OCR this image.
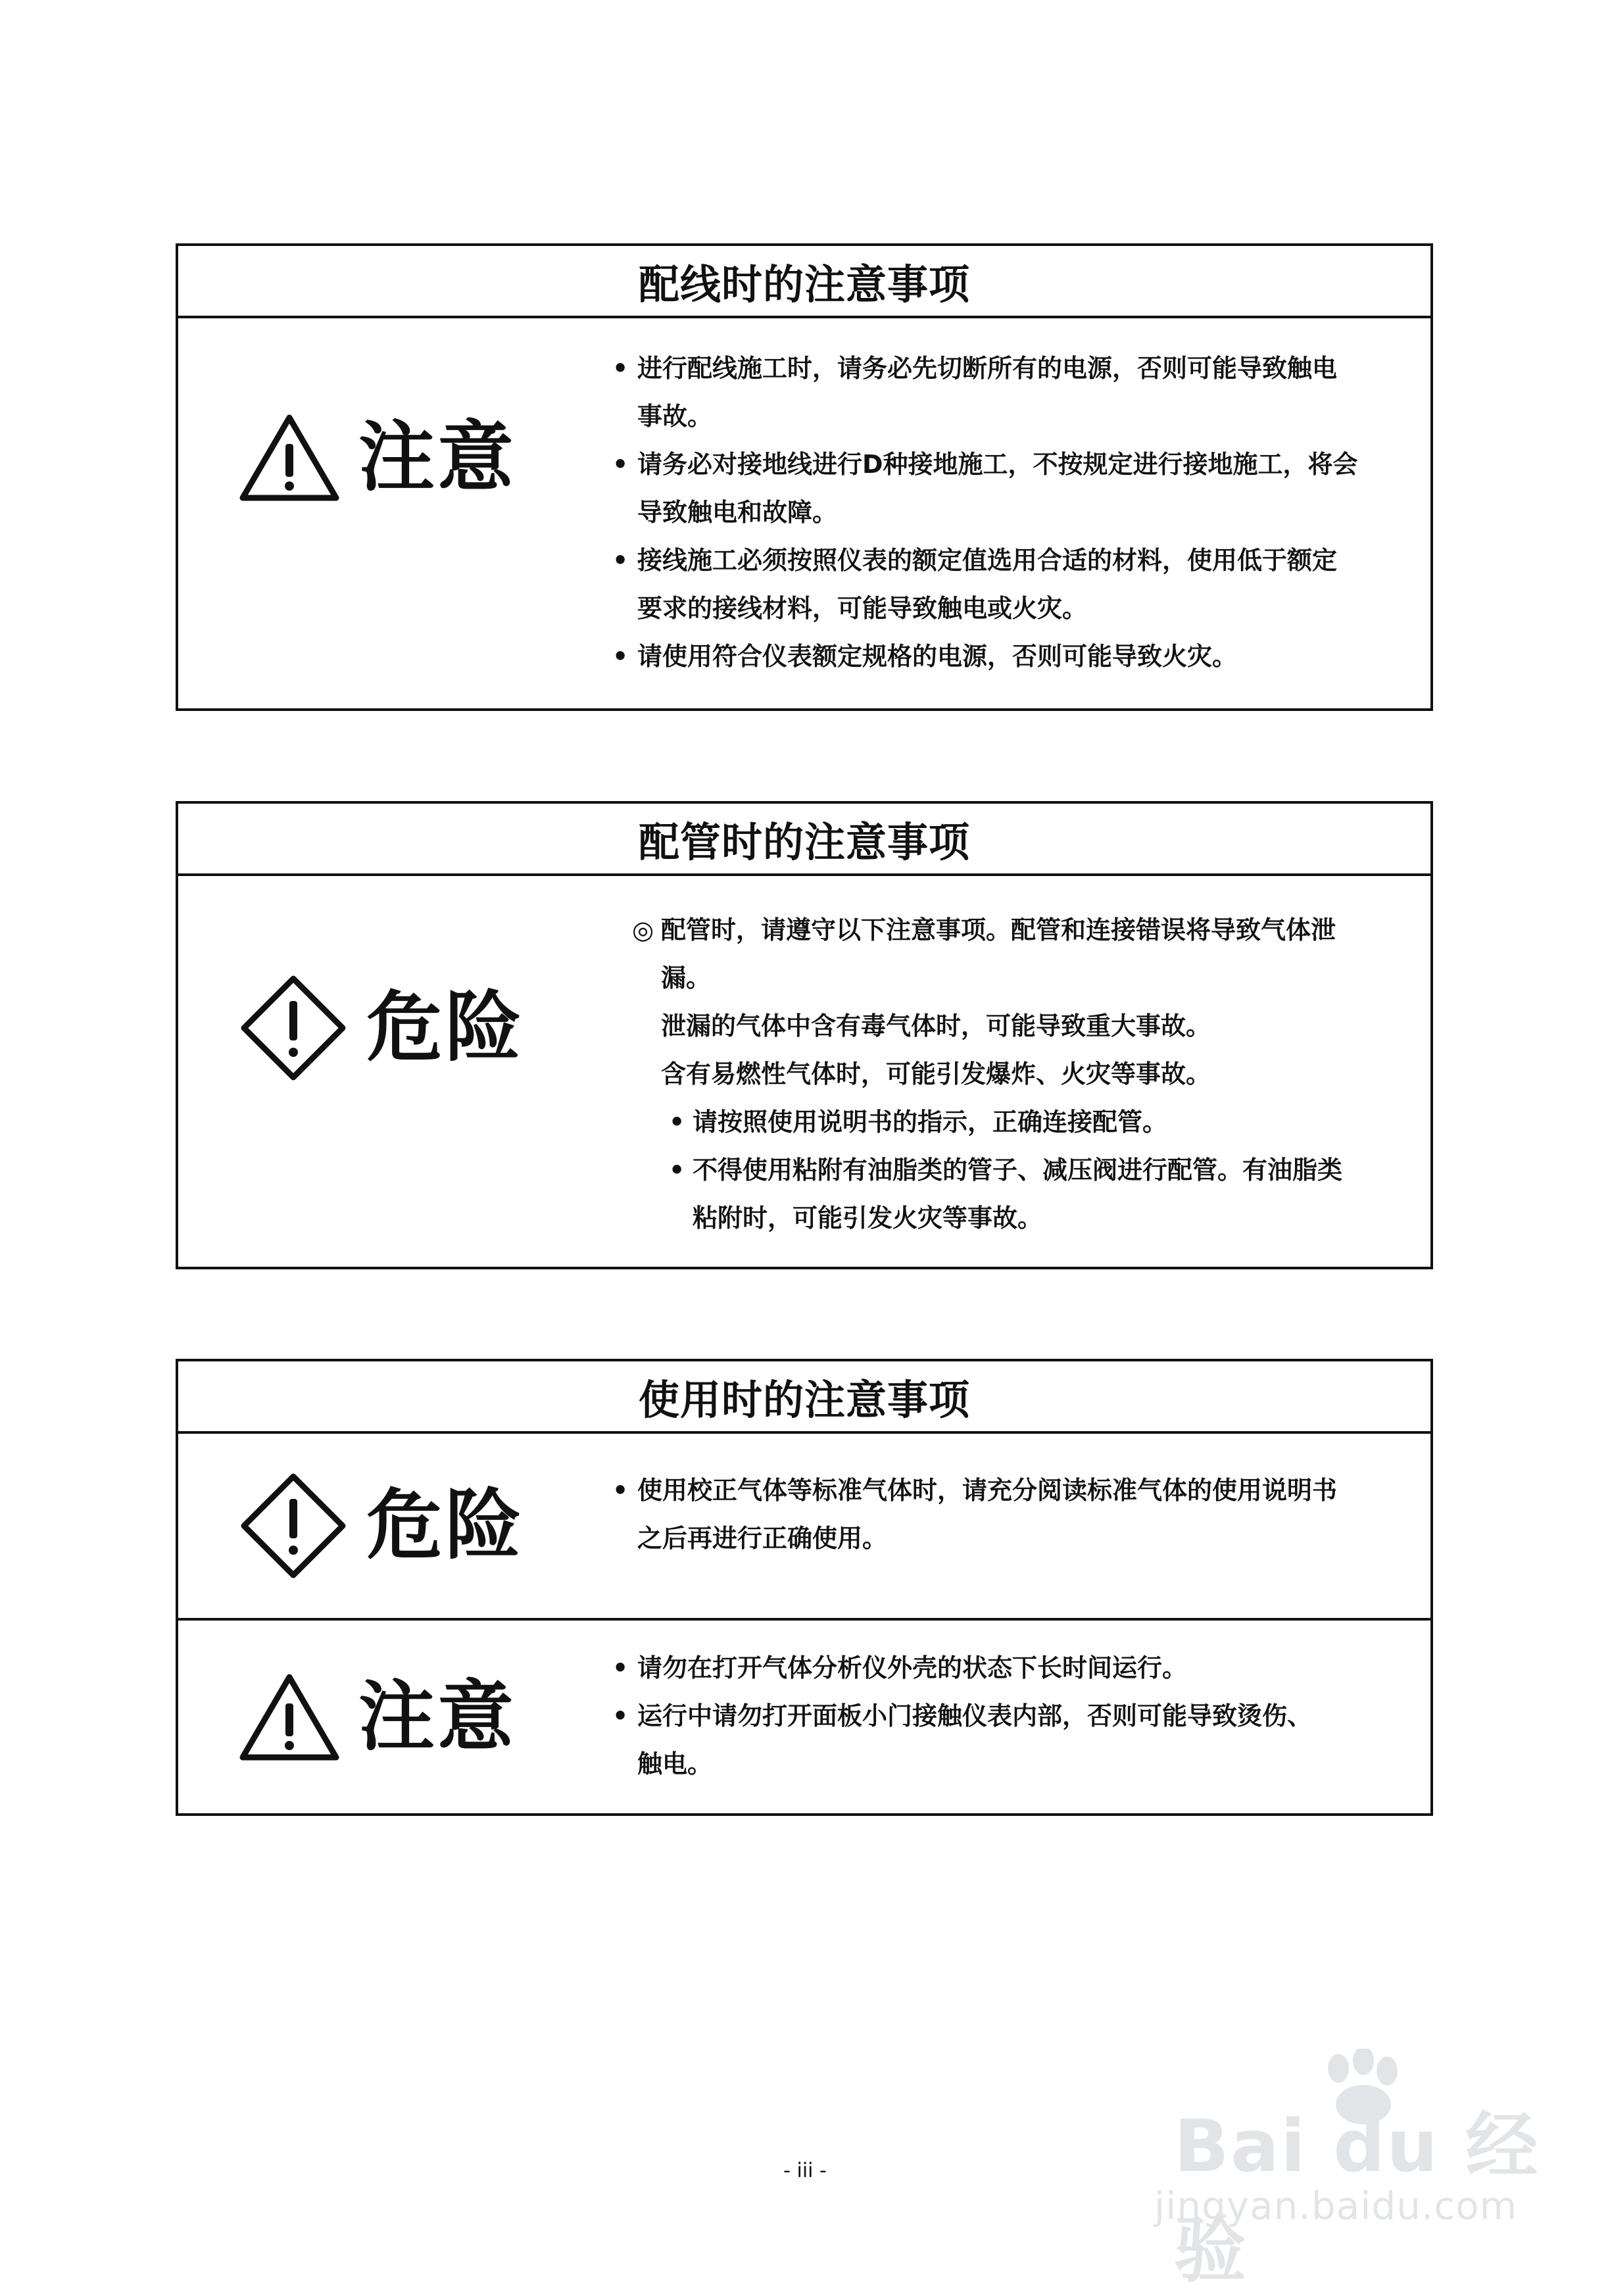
配线时的注意事项
注意
• 进行配线施工时，请务必先切断所有的电源，否则可能导致触电
事故。
• 请务必对接地线进行D种接地施工，不按规定进行接地施工，将会
导致触电和故障。
• 接线施工必须按照仪表的额定值选用合适的材料，使用低于额定
要求的接线材料，可能导致触电或火灾。
• 请使用符合仪表额定规格的电源，否则可能导致火灾。
配管时的注意事项
危险
◎ 配管时，请遵守以下注意事项。配管和连接错误将导致气体泄
漏。
泄漏的气体中含有毒气体时，可能导致重大事故。
含有易燃性气体时，可能引发爆炸、火灾等事故。
• 请按照使用说明书的指示，正确连接配管。
• 不得使用粘附有油脂类的管子、减压阀进行配管。有油脂类
粘附时，可能引发火灾等事故。
使用时的注意事项
危险	• 使用校正气体等标准气体时，请充分阅读标准气体的使用说明书
之后再进行正确使用。
注意
• 请勿在打开气体分析仪外壳的状态下长时间运行。
• 运行中请勿打开面板小门接触仪表内部，否则可能导致烫伤、
触电。
- iii -	Bai du 经验
jingyan.baidu.com
